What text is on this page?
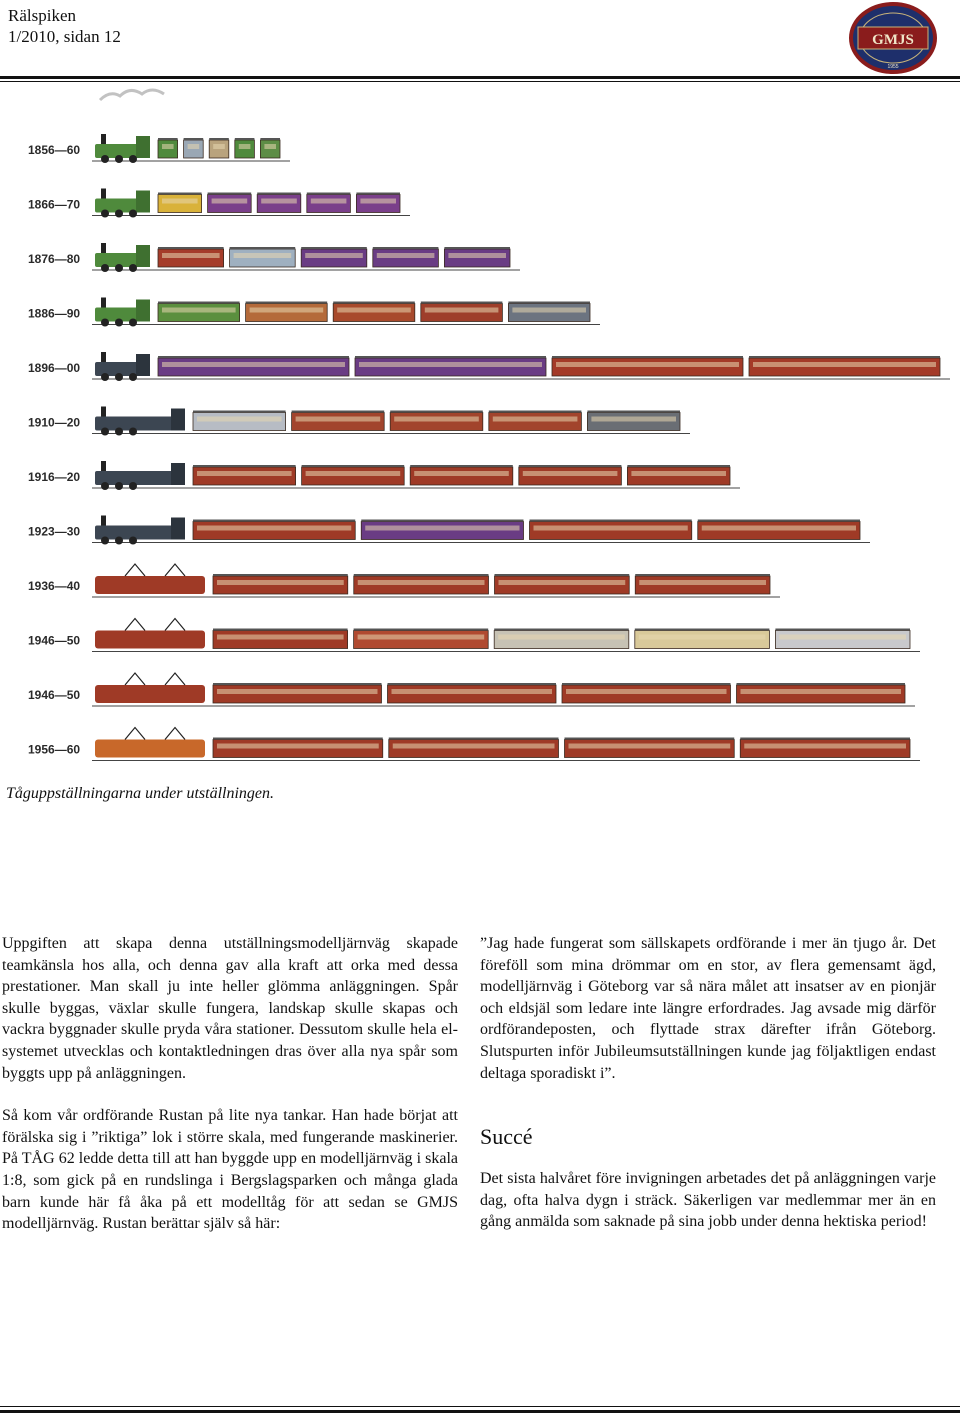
Rälspiken
1/2010, sidan 12	GMJS
1955
1856—60
1866—70
1876—80
1886—90
1896—00
1910—20
1916—20
1923—30
1936—40
1946—50
1946—50
1956—60
Tåguppställningarna under utställningen.

Uppgiften att skapa denna utställningsmodelljärnväg skapade teamkänsla hos alla, och denna gav alla kraft att orka med dessa prestationer. Man skall ju inte heller glömma anläggningen. Spår skulle byggas, växlar skulle fungera, landskap skulle skapas och vackra byggnader skulle pryda våra stationer. Dessutom skulle hela el-systemet utvecklas och kontaktledningen dras över alla nya spår som byggts upp på anläggningen.

Så kom vår ordförande Rustan på lite nya tankar. Han hade börjat att förälska sig i ”riktiga” lok i större skala, med fungerande maskinerier. På TÅG 62 ledde detta till att han byggde upp en modelljärnväg i skala 1:8, som gick på en rundslinga i Bergslagsparken och många glada barn kunde här få åka på ett modelltåg för att sedan se GMJS modelljärnväg. Rustan berättar själv så här:

”Jag hade fungerat som sällskapets ordförande i mer än tjugo år. Det föreföll som mina drömmar om en stor, av flera gemensamt ägd, modelljärnväg i Göteborg var så nära målet att insatser av en pionjär och eldsjäl som ledare inte längre erfordrades. Jag avsade mig därför ordförandeposten, och flyttade strax därefter ifrån Göteborg. Slutspurten inför Jubileumsutställningen kunde jag följaktligen endast deltaga sporadiskt i”.

Succé

Det sista halvåret före invigningen arbetades det på anläggningen varje dag, ofta halva dygn i sträck. Säkerligen var medlemmar mer än en gång anmälda som saknade på sina jobb under denna hektiska period!
